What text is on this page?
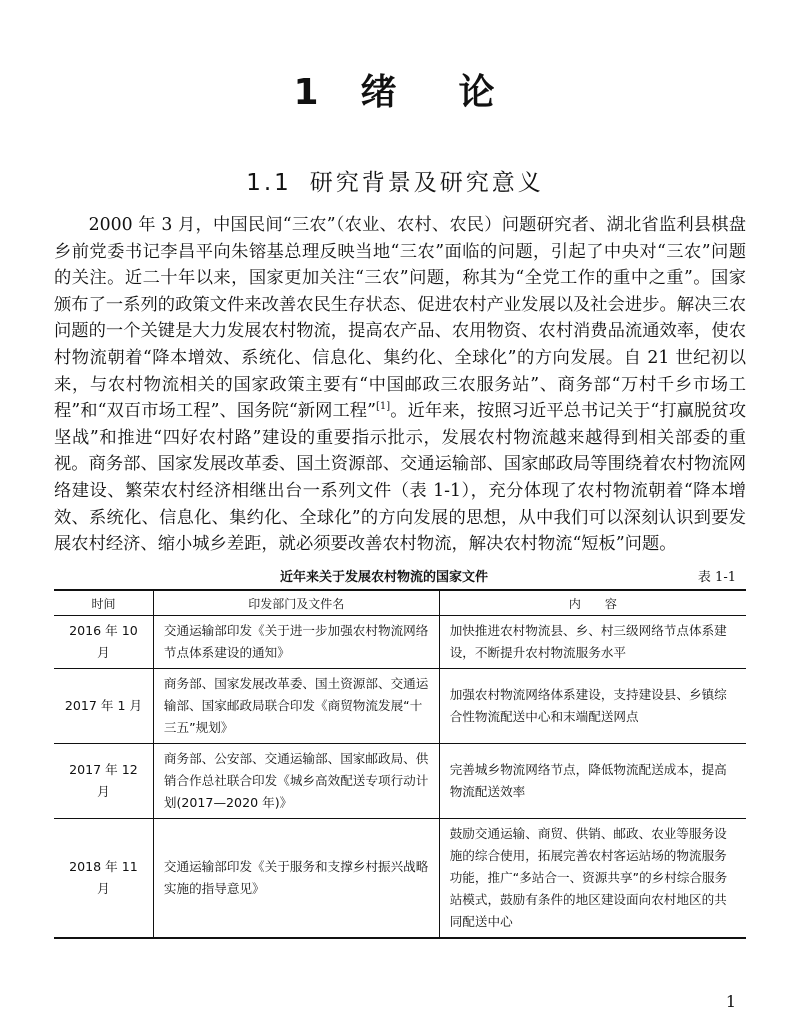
1 绪 论
1.1 研究背景及研究意义

2000 年 3 月，中国民间“三农”（农业、农村、农民）问题研究者、湖北省监利县棋盘乡前党委书记李昌平向朱镕基总理反映当地“三农”面临的问题，引起了中央对“三农”问题的关注。近二十年以来，国家更加关注“三农”问题，称其为“全党工作的重中之重”。国家颁布了一系列的政策文件来改善农民生存状态、促进农村产业发展以及社会进步。解决三农问题的一个关键是大力发展农村物流，提高农产品、农用物资、农村消费品流通效率，使农村物流朝着“降本增效、系统化、信息化、集约化、全球化”的方向发展。自 21 世纪初以来，与农村物流相关的国家政策主要有“中国邮政三农服务站”、商务部“万村千乡市场工程”和“双百市场工程”、国务院“新网工程”[1]。近年来，按照习近平总书记关于“打赢脱贫攻坚战”和推进“四好农村路”建设的重要指示批示，发展农村物流越来越得到相关部委的重视。商务部、国家发展改革委、国土资源部、交通运输部、国家邮政局等围绕着农村物流网络建设、繁荣农村经济相继出台一系列文件（表 1-1），充分体现了农村物流朝着“降本增效、系统化、信息化、集约化、全球化”的方向发展的思想，从中我们可以深刻认识到要发展农村经济、缩小城乡差距，就必须要改善农村物流，解决农村物流“短板”问题。

近年来关于发展农村物流的国家文件	表 1-1
时间	印发部门及文件名	内　　容
2016 年 10 月	交通运输部印发《关于进一步加强农村物流网络节点体系建设的通知》	加快推进农村物流县、乡、村三级网络节点体系建设，不断提升农村物流服务水平
2017 年 1 月	商务部、国家发展改革委、国土资源部、交通运输部、国家邮政局联合印发《商贸物流发展“十三五”规划》	加强农村物流网络体系建设，支持建设县、乡镇综合性物流配送中心和末端配送网点
2017 年 12 月	商务部、公安部、交通运输部、国家邮政局、供销合作总社联合印发《城乡高效配送专项行动计划(2017—2020 年)》	完善城乡物流网络节点，降低物流配送成本，提高物流配送效率
2018 年 11 月	交通运输部印发《关于服务和支撑乡村振兴战略实施的指导意见》	鼓励交通运输、商贸、供销、邮政、农业等服务设施的综合使用，拓展完善农村客运站场的物流服务功能，推广“多站合一、资源共享”的乡村综合服务站模式，鼓励有条件的地区建设面向农村地区的共同配送中心
1
